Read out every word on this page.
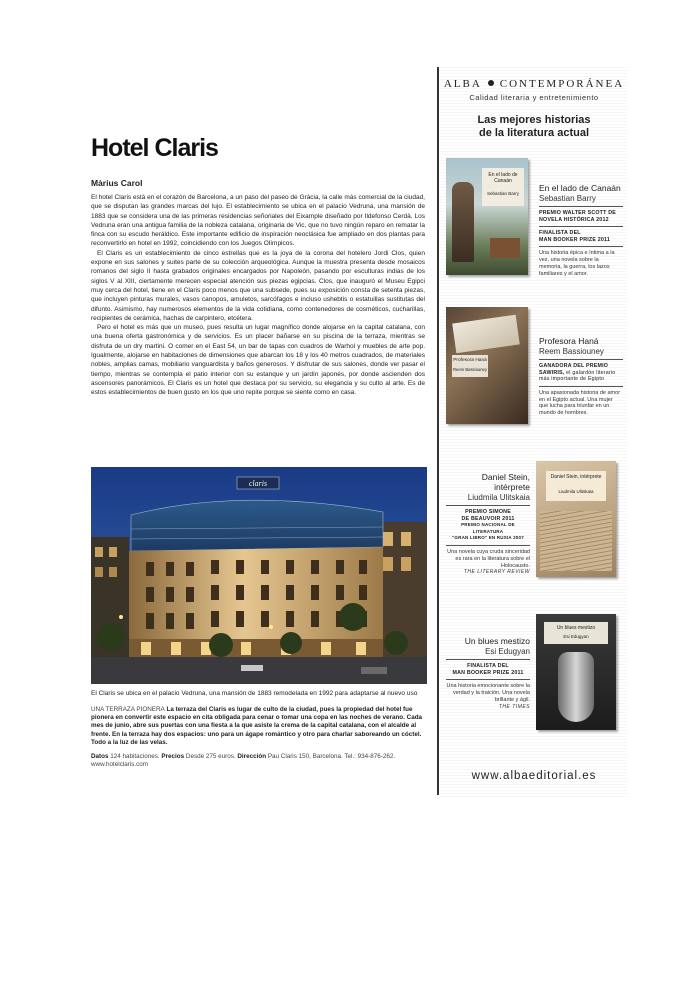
Hotel Claris
Màrius Carol

El hotel Claris está en el corazón de Barcelona, a un paso del paseo de Gràcia, la calle más comercial de la ciudad, que se disputan las grandes marcas del lujo. El establecimiento se ubica en el palacio Vedruna, una mansión de 1883 que se considera una de las primeras residencias señoriales del Eixample diseñado por Ildefonso Cerdà. Los Vedruna eran una antigua familia de la nobleza catalana, originaria de Vic, que no tuvo ningún reparo en rematar la finca con su escudo heráldico. Este importante edificio de inspiración neoclásica fue ampliado en dos plantas para reconvertirlo en hotel en 1992, coincidiendo con los Juegos Olímpicos.

El Claris es un establecimiento de cinco estrellas que es la joya de la corona del hotelero Jordi Clos, quien expone en sus salones y suites parte de su colección arqueológica. Aunque la muestra presenta desde mosaicos romanos del siglo II hasta grabados originales encargados por Napoleón, pasando por esculturas indias de los siglos V al XIII, ciertamente merecen especial atención sus piezas egipcias. Clos, que inauguró el Museu Egipci muy cerca del hotel, tiene en el Claris poco menos que una subsede, pues su exposición consta de setenta piezas, que incluyen pinturas murales, vasos canopos, amuletos, sarcófagos e incluso ushebtis o estatuillas sustitutas del difunto. Asimismo, hay numerosos elementos de la vida cotidiana, como contenedores de cosméticos, cucharillas, recipientes de cerámica, hachas de carpintero, etcétera.

Pero el hotel es más que un museo, pues resulta un lugar magnífico donde alojarse en la capital catalana, con una buena oferta gastronómica y de servicios. Es un placer bañarse en su piscina de la terraza, mientras se disfruta de un dry martini. O comer en el East 54, un bar de tapas con cuadros de Warhol y muebles de arte pop. Igualmente, alojarse en habitaciones de dimensiones que abarcan los 18 y los 40 metros cuadrados, de materiales nobles, amplias camas, mobiliario vanguardista y baños generosos. Y disfrutar de sus salones, donde ver pasar el tiempo, mientras se contempla el patio interior con su estanque y un jardín japonés, por donde ascienden dos ascensores panorámicos. El Claris es un hotel que destaca por su servicio, su elegancia y su culto al arte. Es de estos establecimientos de buen gusto en los que uno repite porque se siente como en casa.

claris
El Claris se ubica en el palacio Vedruna, una mansión de 1883 remodelada en 1992 para adaptarse al nuevo uso
UNA TERRAZA PIONERA La terraza del Claris es lugar de culto de la ciudad, pues la propiedad del hotel fue pionera en convertir este espacio en cita obligada para cenar o tomar una copa en las noches de verano. Cada mes de junio, abre sus puertas con una fiesta a la que asiste la crema de la capital catalana, con el alcalde al frente. En la terraza hay dos espacios: uno para un ágape romántico y otro para charlar saboreando un cóctel. Todo a la luz de las velas.
Datos 124 habitaciones. Precios Desde 275 euros. Dirección Pau Claris 150, Barcelona. Tel.: 934-876-262. www.hotelclaris.com
ALBA CONTEMPORÁNEA
Calidad literaria y entretenimiento
Las mejores historias
de la literatura actual
En el lado de Canaán
Sebastian Barry
En el lado de Canaán
Sebastian Barry
PREMIO WALTER SCOTT DE
NOVELA HISTÓRICA 2012
FINALISTA DEL
MAN BOOKER PRIZE 2011
Una historia épica e íntima a la vez, una novela sobre la memoria, la guerra, los lazos familiares y el amor.
Profesora Haná
Reem Bassiouney
Profesora Haná
Reem Bassiouney
GANADORA DEL PREMIO
SAWIRIS, el galardón literario más importante de Egipto
Una apasionada historia de amor en el Egipto actual. Una mujer que lucha para triunfar en un mundo de hombres.
Daniel Stein, intérprete
Liudmila Ulitskaia
Daniel Stein,
intérprete
Liudmila Ulitskaia
PREMIO SIMONE
DE BEAUVOIR 2011
PREMIO NACIONAL DE LITERATURA
"GRAN LIBRO" EN RUSIA 2007
Una novela cuya cruda sinceridad es rara en la literatura sobre el Holocausto.
THE LITERARY REVIEW
Un blues mestizo
Esi Edugyan
Un blues mestizo
Esi Edugyan
FINALISTA DEL
MAN BOOKER PRIZE 2011
Una historia emocionante sobre la verdad y la traición. Una novela brillante y ágil.
THE TIMES
www.albaeditorial.es
